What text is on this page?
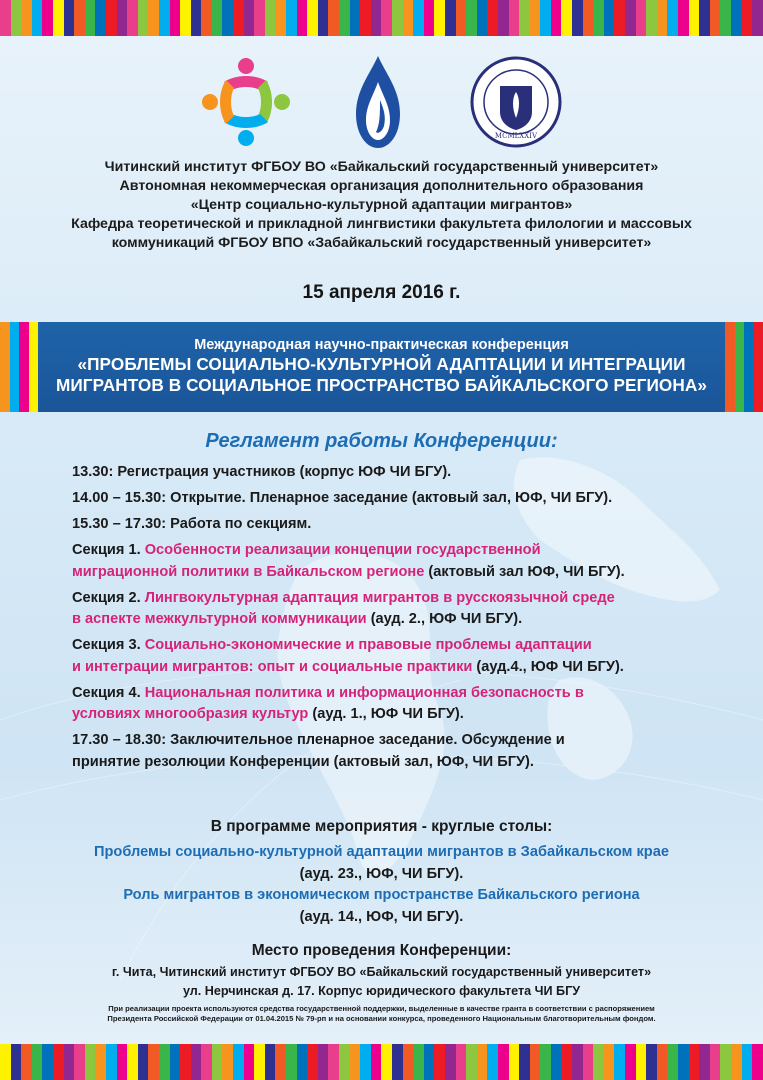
MCMLXXIV
Читинский институт ФГБОУ ВО «Байкальский государственный университет»
Автономная некоммерческая организация дополнительного образования
«Центр социально-культурной адаптации мигрантов»
Кафедра теоретической и прикладной лингвистики факультета филологии и массовых
коммуникаций ФГБОУ ВПО «Забайкальский государственный университет»
15 апреля 2016 г.
Международная научно-практическая конференция
«ПРОБЛЕМЫ СОЦИАЛЬНО-КУЛЬТУРНОЙ АДАПТАЦИИ И ИНТЕГРАЦИИ
МИГРАНТОВ В СОЦИАЛЬНОЕ ПРОСТРАНСТВО БАЙКАЛЬСКОГО РЕГИОНА»
Регламент работы Конференции:
13.30: Регистрация участников (корпус ЮФ ЧИ БГУ).
14.00 – 15.30: Открытие. Пленарное заседание (актовый зал, ЮФ, ЧИ БГУ).
15.30 – 17.30: Работа по секциям.
Секция 1. Особенности реализации концепции государственной
миграционной политики в Байкальском регионе (актовый зал ЮФ, ЧИ БГУ).
Секция 2. Лингвокультурная адаптация мигрантов в русскоязычной среде
в аспекте межкультурной коммуникации (ауд. 2., ЮФ ЧИ БГУ).
Секция 3. Социально-экономические и правовые проблемы адаптации
и интеграции мигрантов: опыт и социальные практики (ауд.4., ЮФ ЧИ БГУ).
Секция 4. Национальная политика и информационная безопасность в
условиях многообразия культур (ауд. 1., ЮФ ЧИ БГУ).
17.30 – 18.30: Заключительное пленарное заседание. Обсуждение и
принятие резолюции Конференции (актовый зал, ЮФ, ЧИ БГУ).
В программе мероприятия - круглые столы:
Проблемы социально-культурной адаптации мигрантов в Забайкальском крае
(ауд. 23., ЮФ, ЧИ БГУ).
Роль мигрантов в экономическом пространстве Байкальского региона
(ауд. 14., ЮФ, ЧИ БГУ).
Место проведения Конференции:
г. Чита, Читинский институт ФГБОУ ВО «Байкальский государственный университет»
ул. Нерчинская д. 17. Корпус юридического факультета ЧИ БГУ
При реализации проекта используются средства государственной поддержки, выделенные в качестве гранта в соответствии с распоряжением
Президента Российской Федерации от 01.04.2015 № 79-рп и на основании конкурса, проведенного Национальным благотворительным фондом.
